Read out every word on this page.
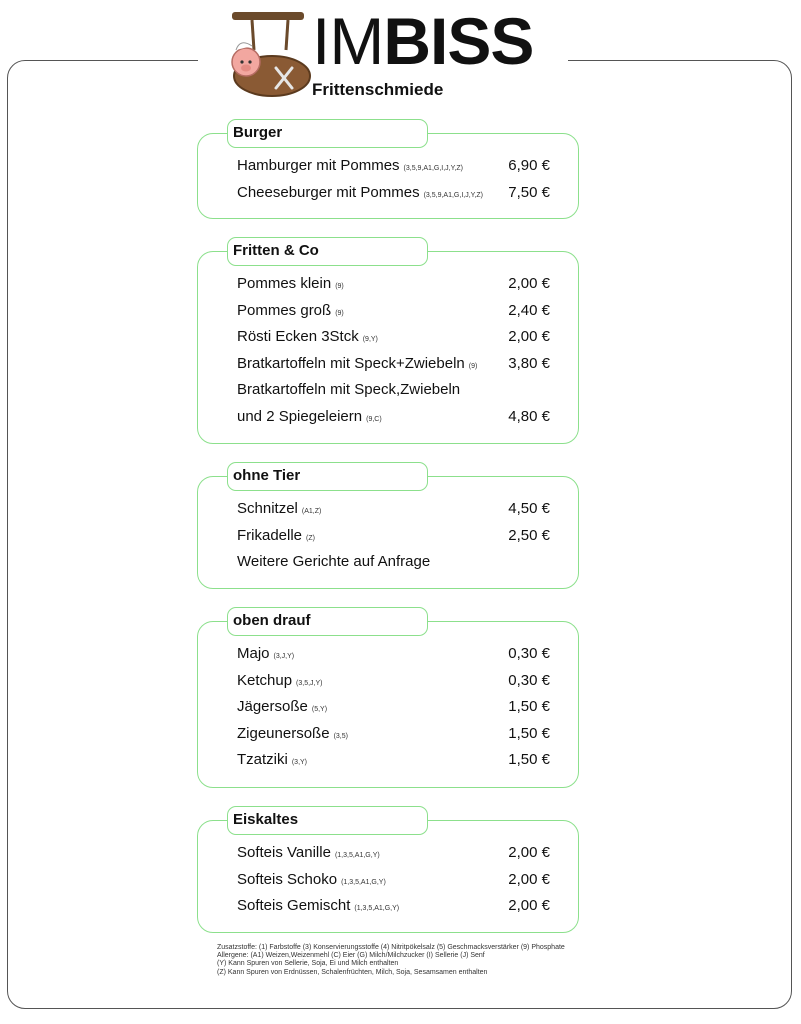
IMBISS
Frittenschmiede
Burger
Hamburger mit Pommes (3,5,9,A1,G,I,J,Y,Z)	6,90 €
Cheeseburger mit Pommes (3,5,9,A1,G,I,J,Y,Z) 7,50 €
Fritten & Co
Pommes klein (9)	2,00 €
Pommes groß (9)	2,40 €
Rösti Ecken 3Stck (9,Y)	2,00 €
Bratkartoffeln mit Speck+Zwiebeln (9) 3,80 €
Bratkartoffeln mit Speck,Zwiebeln
und 2 Spiegeleiern (9,C)	4,80 €
ohne Tier
Schnitzel (A1,Z)	4,50 €
Frikadelle (Z)	2,50 €
Weitere Gerichte auf Anfrage
oben drauf
Majo (3,J,Y)	0,30 €
Ketchup (3,5,J,Y)	0,30 €
Jägersoße (5,Y)	1,50 €
Zigeunersoße (3,5)	1,50 €
Tzatziki (3,Y)	1,50 €
Eiskaltes
Softeis Vanille (1,3,5,A1,G,Y)	2,00 €
Softeis Schoko (1,3,5,A1,G,Y)	2,00 €
Softeis Gemischt (1,3,5,A1,G,Y)	2,00 €
Zusatzstoffe: (1) Farbstoffe (3) Konservierungsstoffe (4) Nitritpökelsalz (5) Geschmacksverstärker (9) Phosphate
Allergene: (A1) Weizen,Weizenmehl (C) Eier (G) Milch/Milchzucker (I) Sellerie (J) Senf
(Y) Kann Spuren von Sellerie, Soja, Ei und Milch enthalten
(Z) Kann Spuren von Erdnüssen, Schalenfrüchten, Milch, Soja, Sesamsamen enthalten
